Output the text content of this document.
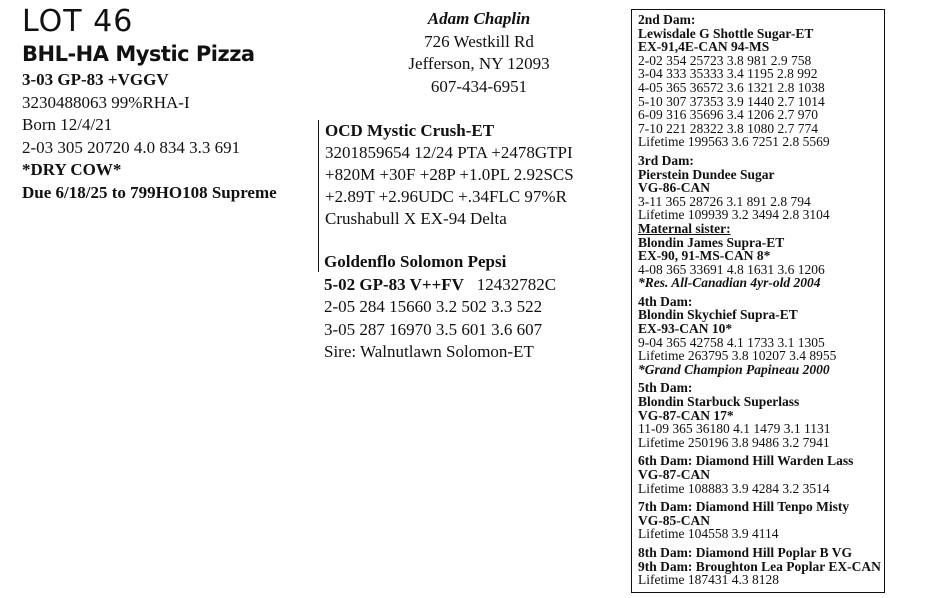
LOT 46
BHL-HA Mystic Pizza
3-03 GP-83 +VGGV
3230488063 99%RHA-I
Born 12/4/21
2-03 305 20720 4.0 834 3.3 691
*DRY COW*
Due 6/18/25 to 799HO108 Supreme
Adam Chaplin
726 Westkill Rd
Jefferson, NY 12093
607-434-6951
OCD Mystic Crush-ET
3201859654 12/24 PTA +2478GTPI
+820M +30F +28P +1.0PL 2.92SCS
+2.89T +2.96UDC +.34FLC 97%R
Crushabull X EX-94 Delta
Goldenflo Solomon Pepsi
5-02 GP-83 V++FV 12432782C
2-05 284 15660 3.2 502 3.3 522
3-05 287 16970 3.5 601 3.6 607
Sire: Walnutlawn Solomon-ET
2nd Dam:
Lewisdale G Shottle Sugar-ET
EX-91,4E-CAN 94-MS
2-02 354 25723 3.8 981 2.9 758
3-04 333 35333 3.4 1195 2.8 992
4-05 365 36572 3.6 1321 2.8 1038
5-10 307 37353 3.9 1440 2.7 1014
6-09 316 35696 3.4 1206 2.7 970
7-10 221 28322 3.8 1080 2.7 774
Lifetime 199563 3.6 7251 2.8 5569
3rd Dam:
Pierstein Dundee Sugar
VG-86-CAN
3-11 365 28726 3.1 891 2.8 794
Lifetime 109939 3.2 3494 2.8 3104
Maternal sister:
Blondin James Supra-ET
EX-90, 91-MS-CAN 8*
4-08 365 33691 4.8 1631 3.6 1206
*Res. All-Canadian 4yr-old 2004
4th Dam:
Blondin Skychief Supra-ET
EX-93-CAN 10*
9-04 365 42758 4.1 1733 3.1 1305
Lifetime 263795 3.8 10207 3.4 8955
*Grand Champion Papineau 2000
5th Dam:
Blondin Starbuck Superlass
VG-87-CAN 17*
11-09 365 36180 4.1 1479 3.1 1131
Lifetime 250196 3.8 9486 3.2 7941
6th Dam: Diamond Hill Warden Lass
VG-87-CAN
Lifetime 108883 3.9 4284 3.2 3514
7th Dam: Diamond Hill Tenpo Misty
VG-85-CAN
Lifetime 104558 3.9 4114
8th Dam: Diamond Hill Poplar B VG
9th Dam: Broughton Lea Poplar EX-CAN
Lifetime 187431 4.3 8128
